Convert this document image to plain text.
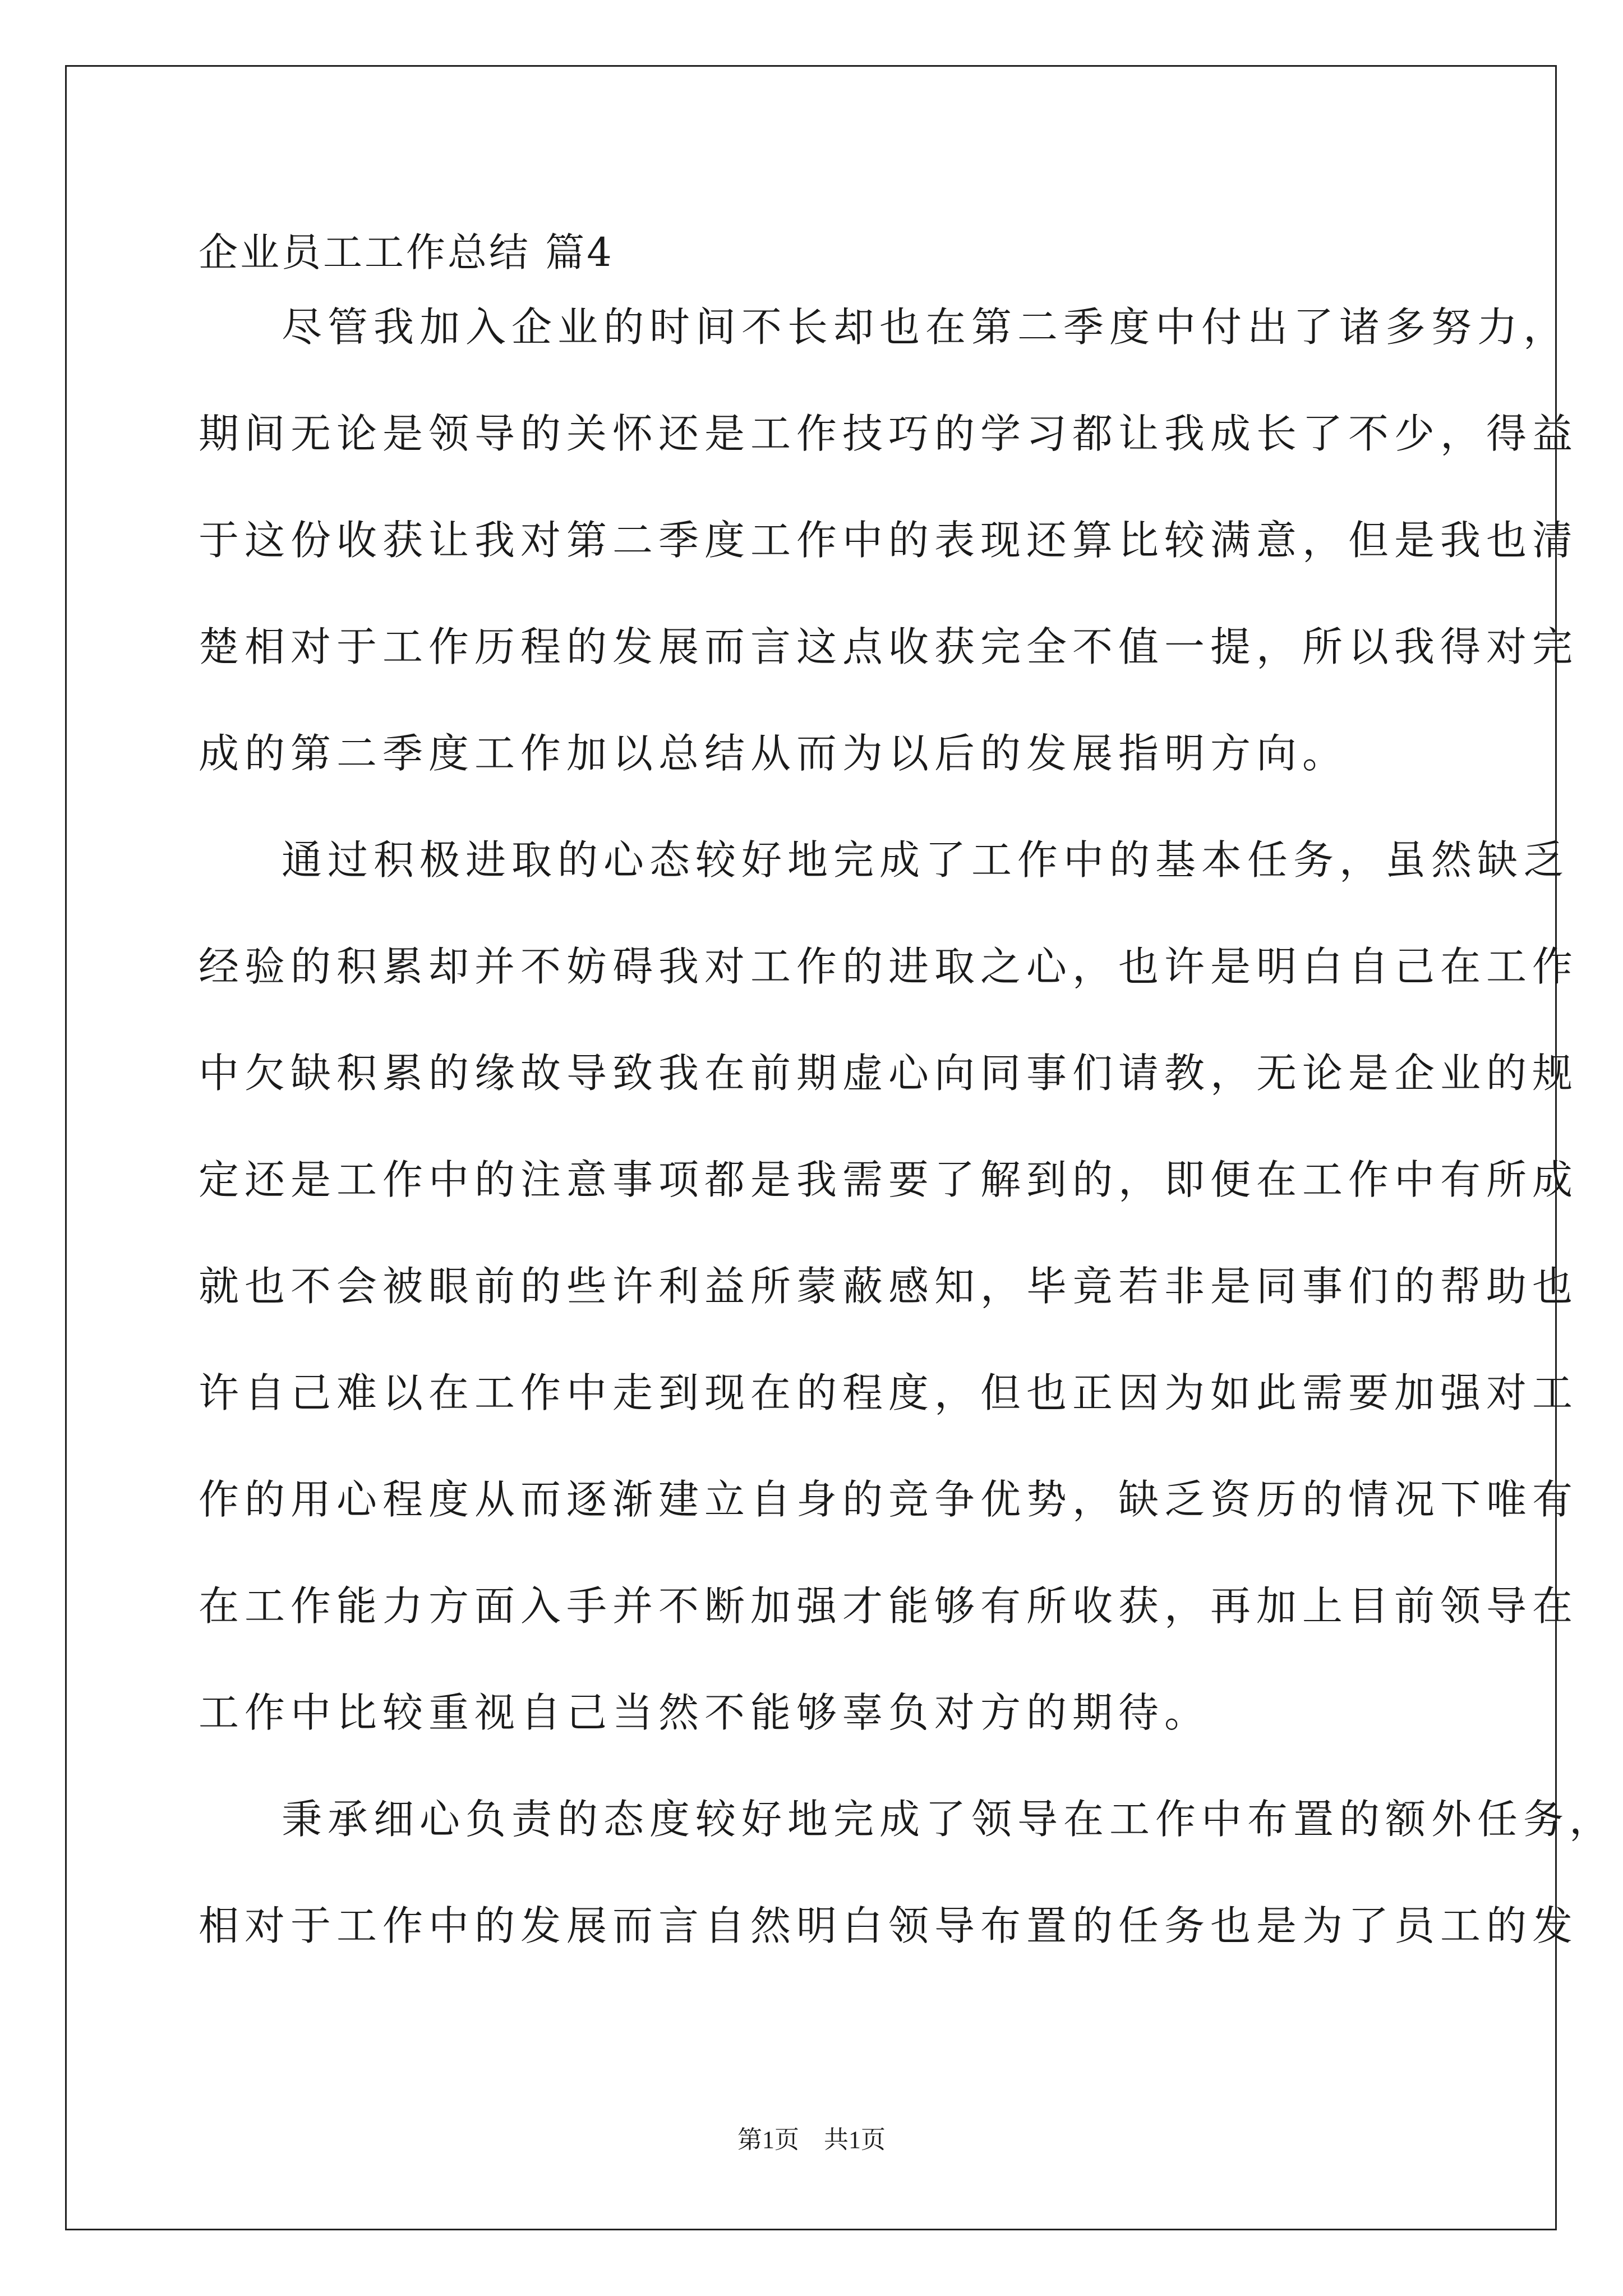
企业员工工作总结 篇4
尽管我加入企业的时间不长却也在第二季度中付出了诸多努力，
期间无论是领导的关怀还是工作技巧的学习都让我成长了不少，得益
于这份收获让我对第二季度工作中的表现还算比较满意，但是我也清
楚相对于工作历程的发展而言这点收获完全不值一提，所以我得对完
成的第二季度工作加以总结从而为以后的发展指明方向。
通过积极进取的心态较好地完成了工作中的基本任务，虽然缺乏
经验的积累却并不妨碍我对工作的进取之心，也许是明白自己在工作
中欠缺积累的缘故导致我在前期虚心向同事们请教，无论是企业的规
定还是工作中的注意事项都是我需要了解到的，即便在工作中有所成
就也不会被眼前的些许利益所蒙蔽感知，毕竟若非是同事们的帮助也
许自己难以在工作中走到现在的程度，但也正因为如此需要加强对工
作的用心程度从而逐渐建立自身的竞争优势，缺乏资历的情况下唯有
在工作能力方面入手并不断加强才能够有所收获，再加上目前领导在
工作中比较重视自己当然不能够辜负对方的期待。
秉承细心负责的态度较好地完成了领导在工作中布置的额外任务，
相对于工作中的发展而言自然明白领导布置的任务也是为了员工的发
第1页　共1页
